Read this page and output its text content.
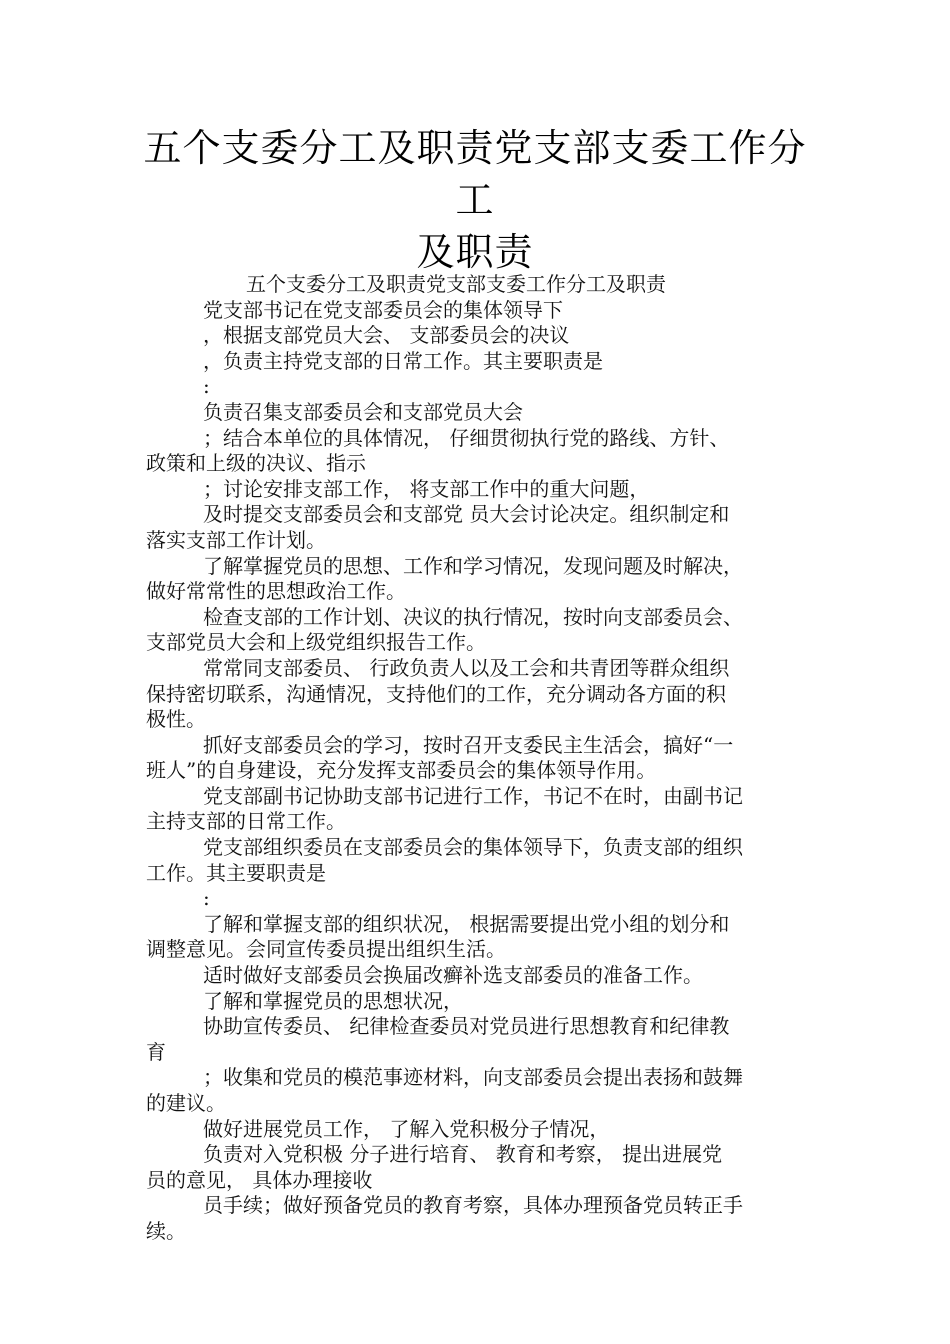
五个支委分工及职责党支部支委工作分工
及职责
五个支委分工及职责党支部支委工作分工及职责
党支部书记在党支部委员会的集体领导下
，根据支部党员大会、 支部委员会的决议
，负责主持党支部的日常工作。其主要职责是
:
负责召集支部委员会和支部党员大会
；结合本单位的具体情况， 仔细贯彻执行党的路线、方针、
政策和上级的决议、指示
；讨论安排支部工作， 将支部工作中的重大问题，
及时提交支部委员会和支部党 员大会讨论决定。组织制定和
落实支部工作计划。
了解掌握党员的思想、工作和学习情况，发现问题及时解决，
做好常常性的思想政治工作。
检查支部的工作计划、决议的执行情况，按时向支部委员会、
支部党员大会和上级党组织报告工作。
常常同支部委员、 行政负责人以及工会和共青团等群众组织
保持密切联系，沟通情况，支持他们的工作，充分调动各方面的积
极性。
抓好支部委员会的学习，按时召开支委民主生活会，搞好“一
班人”的自身建设，充分发挥支部委员会的集体领导作用。
党支部副书记协助支部书记进行工作，书记不在时，由副书记
主持支部的日常工作。
党支部组织委员在支部委员会的集体领导下，负责支部的组织
工作。其主要职责是
:
了解和掌握支部的组织状况， 根据需要提出党小组的划分和
调整意见。会同宣传委员提出组织生活。
适时做好支部委员会换届改癣补选支部委员的准备工作。
了解和掌握党员的思想状况，
协助宣传委员、 纪律检查委员对党员进行思想教育和纪律教
育
；收集和党员的模范事迹材料，向支部委员会提出表扬和鼓舞
的建议。
做好进展党员工作， 了解入党积极分子情况，
负责对入党积极 分子进行培育、 教育和考察， 提出进展党
员的意见， 具体办理接收
员手续；做好预备党员的教育考察，具体办理预备党员转正手
续。
